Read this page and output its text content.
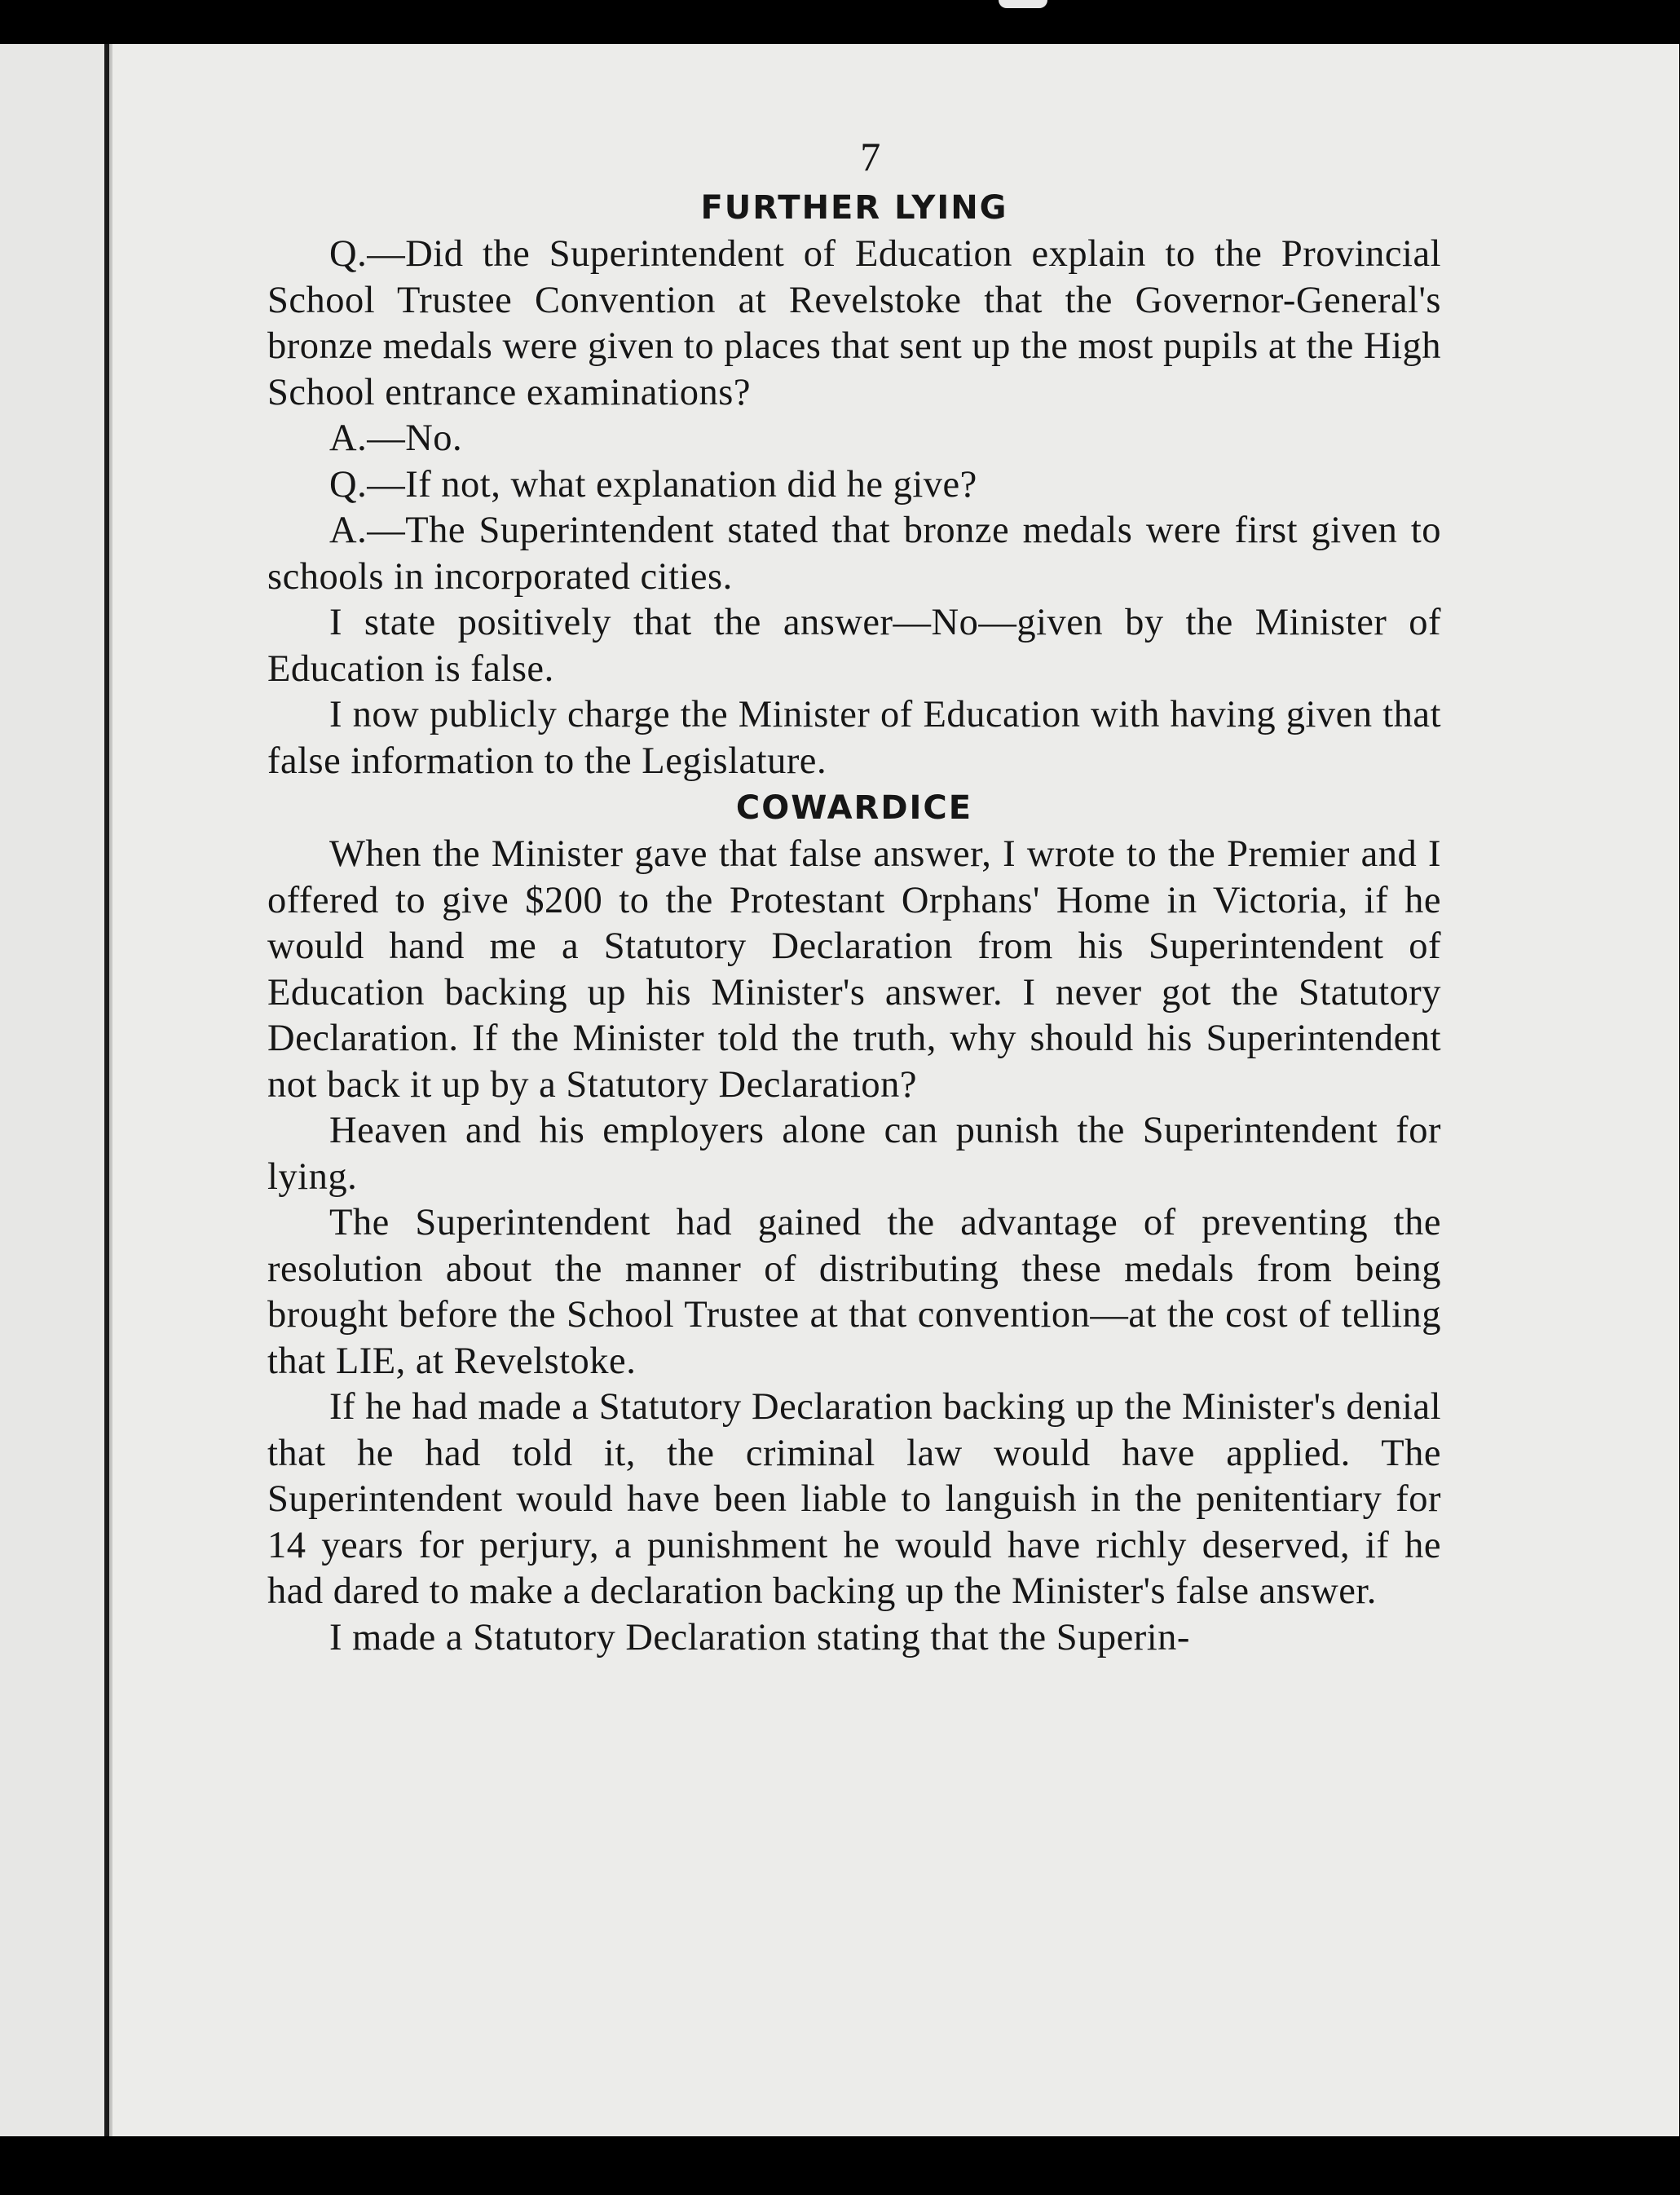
7
FURTHER LYING

Q.—Did the Superintendent of Education explain to the Provincial School Trustee Convention at Revelstoke that the Governor-General's bronze medals were given to places that sent up the most pupils at the High School entrance examinations?

A.—No.

Q.—If not, what explanation did he give?

A.—The Superintendent stated that bronze medals were first given to schools in incorporated cities.

I state positively that the answer—No—given by the Minister of Education is false.

I now publicly charge the Minister of Education with having given that false information to the Legislature.

COWARDICE

When the Minister gave that false answer, I wrote to the Premier and I offered to give $200 to the Protestant Orphans' Home in Victoria, if he would hand me a Statutory Declaration from his Superintendent of Education backing up his Minister's answer. I never got the Statutory Declaration. If the Minister told the truth, why should his Superintendent not back it up by a Statutory Declaration?

Heaven and his employers alone can punish the Superintendent for lying.

The Superintendent had gained the advantage of preventing the resolution about the manner of distributing these medals from being brought before the School Trustee at that convention—at the cost of telling that LIE, at Revelstoke.

If he had made a Statutory Declaration backing up the Minister's denial that he had told it, the criminal law would have applied. The Superintendent would have been liable to languish in the penitentiary for 14 years for perjury, a punishment he would have richly deserved, if he had dared to make a declaration backing up the Minister's false answer.

I made a Statutory Declaration stating that the Superin-
